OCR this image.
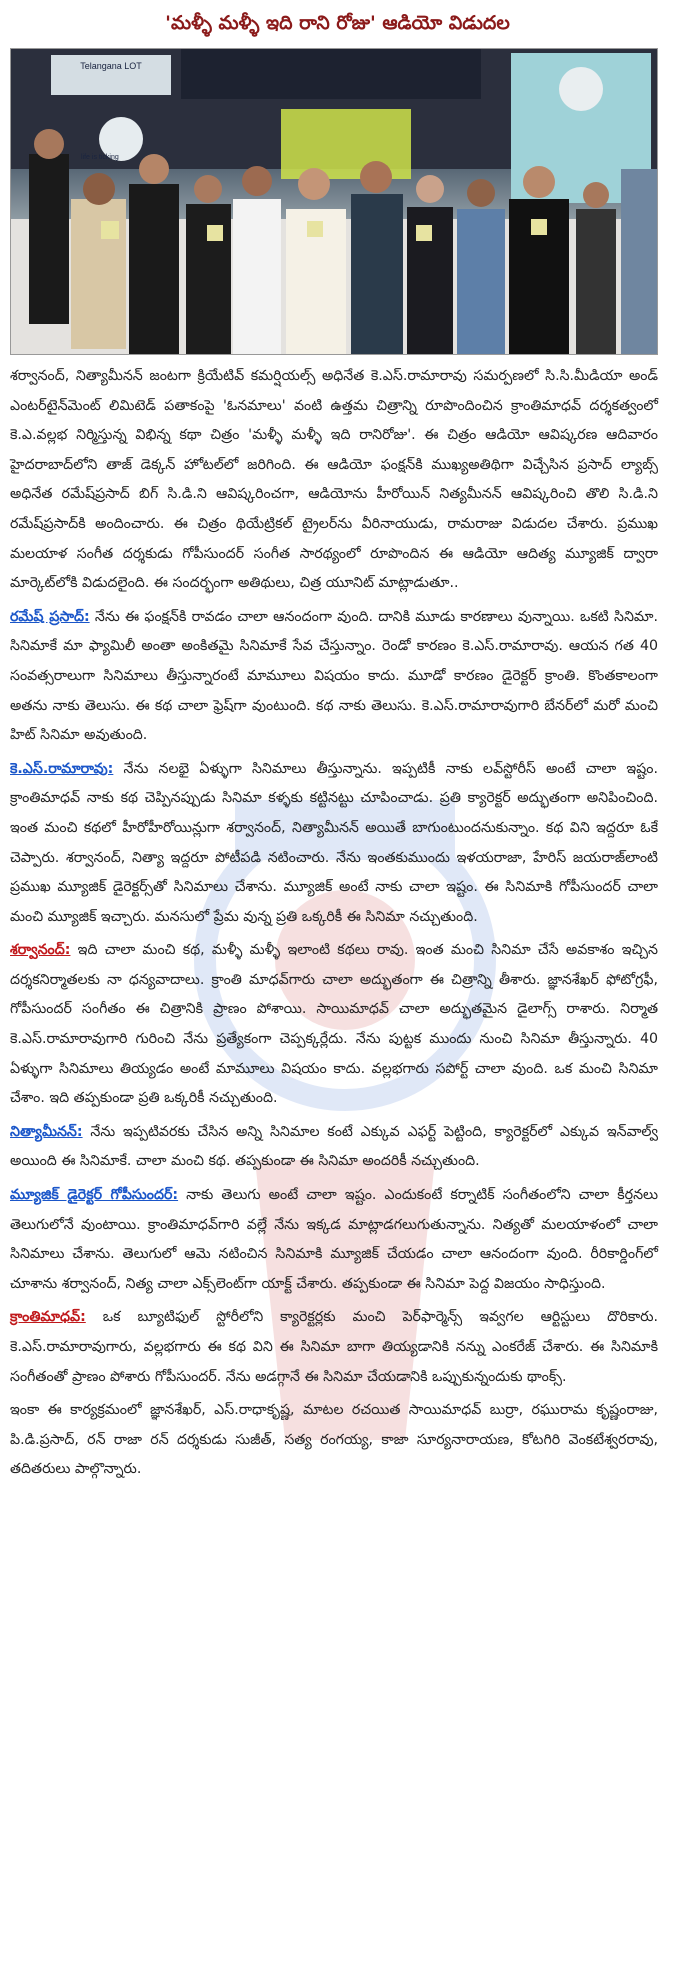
'మళ్ళీ మళ్ళీ ఇది రాని రోజు' ఆడియో విడుదల
Telangana LOT
life is ticking

శర్వానంద్, నిత్యామీనన్ జంటగా క్రియేటివ్ కమర్షియల్స్ అధినేత కె.ఎస్.రామారావు సమర్పణలో సి.సి.మీడియా అండ్ ఎంటర్‌టైన్‌మెంట్ లిమిటెడ్ పతాకంపై 'ఓనమాలు' వంటి ఉత్తమ చిత్రాన్ని రూపొందించిన క్రాంతిమాధవ్ దర్శకత్వంలో కె.ఎ.వల్లభ నిర్మిస్తున్న విభిన్న కథా చిత్రం 'మళ్ళీ మళ్ళీ ఇది రానిరోజు'. ఈ చిత్రం ఆడియో ఆవిష్కరణ ఆదివారం హైదరాబాద్‌లోని తాజ్ డెక్కన్ హోటల్‌లో జరిగింది. ఈ ఆడియో ఫంక్షన్‌కి ముఖ్యఅతిథిగా విచ్చేసిన ప్రసాద్ ల్యాబ్స్ అధినేత రమేష్‌ప్రసాద్ బిగ్ సి.డి.ని ఆవిష్కరించగా, ఆడియోను హీరోయిన్ నిత్యమీనన్ ఆవిష్కరించి తొలి సి.డి.ని రమేష్‌ప్రసాద్‌కి అందించారు. ఈ చిత్రం థియేట్రికల్ ట్రైలర్‌ను వీరినాయుడు, రామరాజు విడుదల చేశారు. ప్రముఖ మలయాళ సంగీత దర్శకుడు గోపీసుందర్ సంగీత సారథ్యంలో రూపొందిన ఈ ఆడియో ఆదిత్య మ్యూజిక్ ద్వారా మార్కెట్‌లోకి విడుదలైంది. ఈ సందర్భంగా అతిథులు, చిత్ర యూనిట్ మాట్లాడుతూ..

రమేష్ ప్రసాద్: నేను ఈ ఫంక్షన్‌కి రావడం చాలా ఆనందంగా వుంది. దానికి మూడు కారణాలు వున్నాయి. ఒకటి సినిమా. సినిమాకే మా ఫ్యామిలీ అంతా అంకితమై సినిమాకే సేవ చేస్తున్నాం. రెండో కారణం కె.ఎస్.రామారావు. ఆయన గత 40 సంవత్సరాలుగా సినిమాలు తీస్తున్నారంటే మామూలు విషయం కాదు. మూడో కారణం డైరెక్టర్ క్రాంతి. కొంతకాలంగా అతను నాకు తెలుసు. ఈ కథ చాలా ఫ్రెష్‌గా వుంటుంది. కథ నాకు తెలుసు. కె.ఎస్.రామారావుగారి బేనర్‌లో మరో మంచి హిట్ సినిమా అవుతుంది.

కె.ఎస్.రామారావు: నేను నలభై ఏళ్ళుగా సినిమాలు తీస్తున్నాను. ఇప్పటికీ నాకు లవ్‌స్టోరీస్ అంటే చాలా ఇష్టం. క్రాంతిమాధవ్ నాకు కథ చెప్పినప్పుడు సినిమా కళ్ళకు కట్టినట్టు చూపించాడు. ప్రతి క్యారెక్టర్ అద్భుతంగా అనిపించింది. ఇంత మంచి కథలో హీరోహీరోయిన్లుగా శర్వానంద్, నిత్యామీనన్ అయితే బాగుంటుందనుకున్నాం. కథ విని ఇద్దరూ ఓకే చెప్పారు. శర్వానంద్, నిత్యా ఇద్దరూ పోటీపడి నటించారు. నేను ఇంతకుముందు ఇళయరాజా, హేరిస్ జయరాజ్‌లాంటి ప్రముఖ మ్యూజిక్ డైరెక్టర్స్‌తో సినిమాలు చేశాను. మ్యూజిక్ అంటే నాకు చాలా ఇష్టం. ఈ సినిమాకి గోపీసుందర్ చాలా మంచి మ్యూజిక్ ఇచ్చారు. మనసులో ప్రేమ వున్న ప్రతి ఒక్కరికీ ఈ సినిమా నచ్చుతుంది.

శర్వానంద్: ఇది చాలా మంచి కథ, మళ్ళీ మళ్ళీ ఇలాంటి కథలు రావు. ఇంత మంచి సినిమా చేసే అవకాశం ఇచ్చిన దర్శకనిర్మాతలకు నా ధన్యవాదాలు. క్రాంతి మాధవ్‌గారు చాలా అద్భుతంగా ఈ చిత్రాన్ని తీశారు. జ్ఞానశేఖర్ ఫోటోగ్రఫీ, గోపీసుందర్ సంగీతం ఈ చిత్రానికి ప్రాణం పోశాయి. సాయిమాధవ్ చాలా అద్భుతమైన డైలాగ్స్ రాశారు. నిర్మాత కె.ఎస్.రామారావుగారి గురించి నేను ప్రత్యేకంగా చెప్పక్కర్లేదు. నేను పుట్టక ముందు నుంచి సినిమా తీస్తున్నారు. 40 ఏళ్ళుగా సినిమాలు తియ్యడం అంటే మామూలు విషయం కాదు. వల్లభగారు సపోర్ట్ చాలా వుంది. ఒక మంచి సినిమా చేశాం. ఇది తప్పకుండా ప్రతి ఒక్కరికీ నచ్చుతుంది.

నిత్యామీనన్: నేను ఇప్పటివరకు చేసిన అన్ని సినిమాల కంటే ఎక్కువ ఎఫర్ట్ పెట్టింది, క్యారెక్టర్‌లో ఎక్కువ ఇన్‌వాల్వ్ అయింది ఈ సినిమాకే. చాలా మంచి కథ. తప్పకుండా ఈ సినిమా అందరికీ నచ్చుతుంది.

మ్యూజిక్ డైరెక్టర్ గోపీసుందర్: నాకు తెలుగు అంటే చాలా ఇష్టం. ఎందుకంటే కర్నాటిక్ సంగీతంలోని చాలా కీర్తనలు తెలుగులోనే వుంటాయి. క్రాంతిమాధవ్‌గారి వల్లే నేను ఇక్కడ మాట్లాడగలుగుతున్నాను. నిత్యతో మలయాళంలో చాలా సినిమాలు చేశాను. తెలుగులో ఆమె నటించిన సినిమాకి మ్యూజిక్ చేయడం చాలా ఆనందంగా వుంది. రీరికార్డింగ్‌లో చూశాను శర్వానంద్, నిత్య చాలా ఎక్స్‌లెంట్‌గా యాక్ట్ చేశారు. తప్పకుండా ఈ సినిమా పెద్ద విజయం సాధిస్తుంది.

క్రాంతిమాధవ్: ఒక బ్యూటిఫుల్ స్టోరీలోని క్యారెక్టర్లకు మంచి పెర్‌ఫార్మెన్స్ ఇవ్వగల ఆర్టిస్టులు దొరికారు. కె.ఎస్.రామారావుగారు, వల్లభగారు ఈ కథ విని ఈ సినిమా బాగా తియ్యడానికి నన్ను ఎంకరేజ్ చేశారు. ఈ సినిమాకి సంగీతంతో ప్రాణం పోశారు గోపీసుందర్. నేను అడగ్గానే ఈ సినిమా చేయడానికి ఒప్పుకున్నందుకు థాంక్స్.

ఇంకా ఈ కార్యక్రమంలో జ్ఞానశేఖర్, ఎస్.రాధాకృష్ణ, మాటల రచయిత సాయిమాధవ్ బుర్రా, రఘురామ కృష్ణంరాజు, పి.డి.ప్రసాద్, రన్ రాజా రన్ దర్శకుడు సుజీత్, సత్య రంగయ్య, కాజా సూర్యనారాయణ, కోటగిరి వెంకటేశ్వరరావు, తదితరులు పాల్గొన్నారు.
